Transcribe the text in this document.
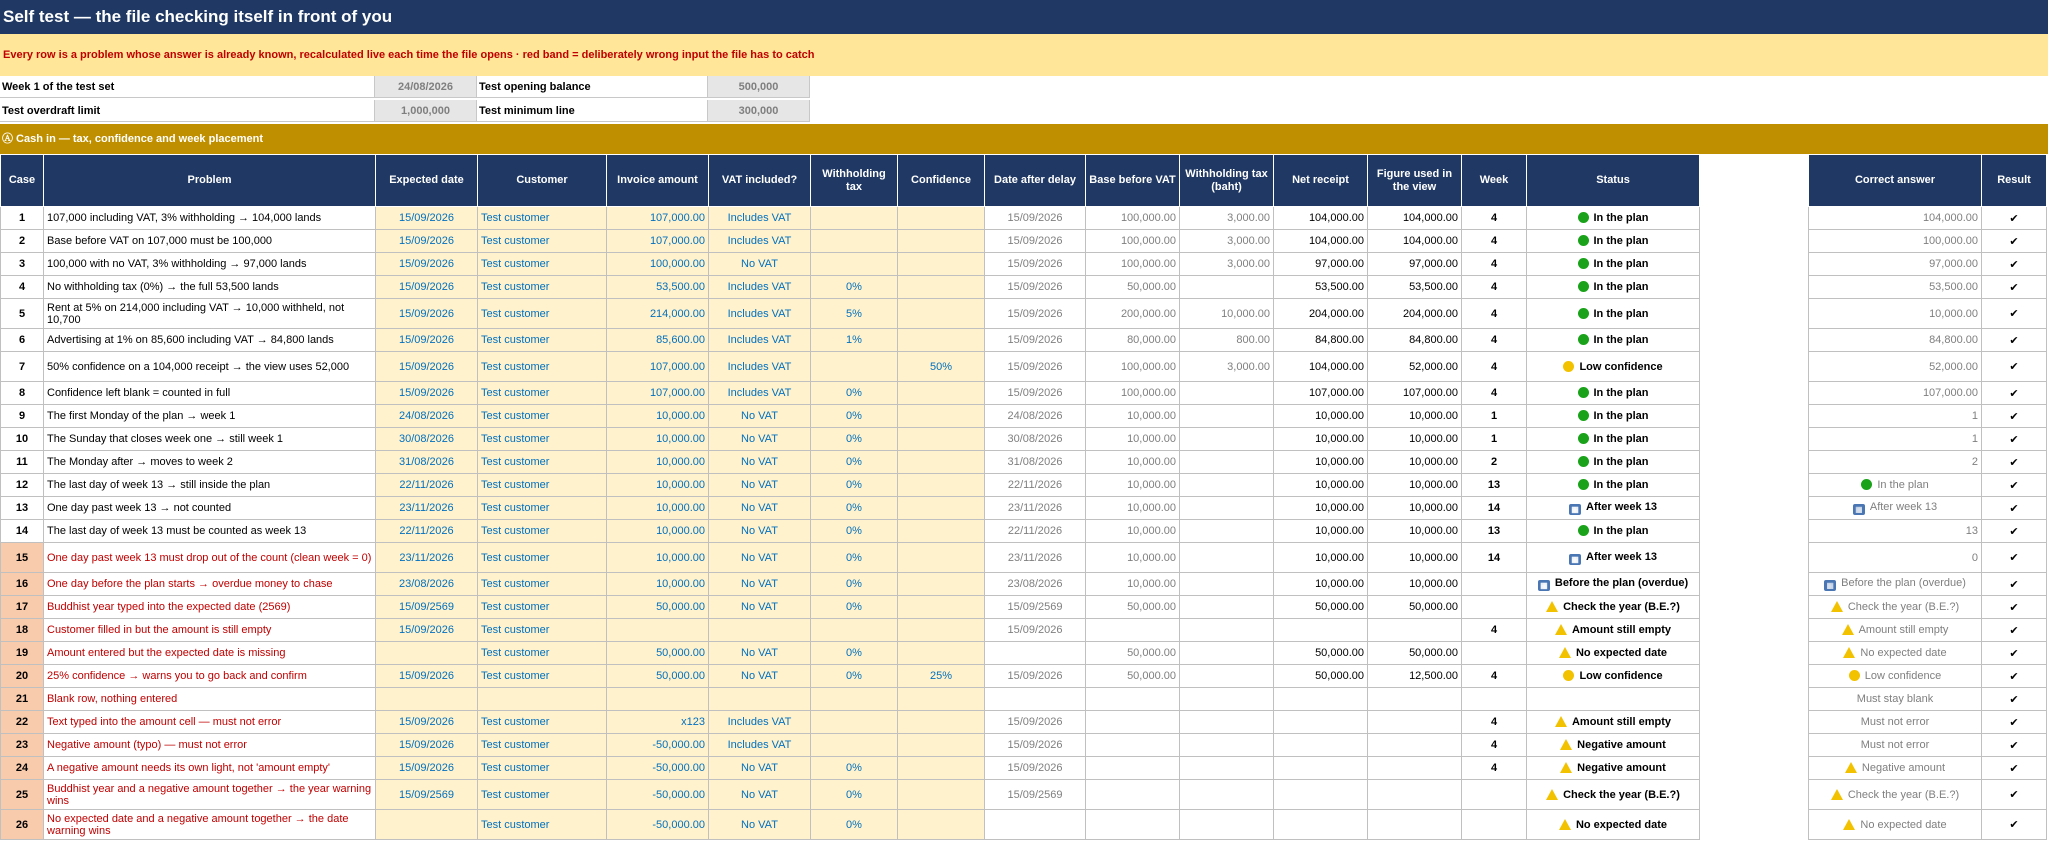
Self test — the file checking itself in front of you
Every row is a problem whose answer is already known, recalculated live each time the file opens · red band = deliberately wrong input the file has to catch
Week 1 of the test set	24/08/2026	Test opening balance	500,000
Test overdraft limit	1,000,000	Test minimum line	300,000
Ⓐ Cash in — tax, confidence and week placement
Case	Problem	Expected date	Customer	Invoice amount	VAT included?	Withholding tax	Confidence	Date after delay	Base before VAT	Withholding tax (baht)	Net receipt	Figure used in the view	Week	Status		Correct answer	Result
1	107,000 including VAT, 3% withholding → 104,000 lands	15/09/2026	Test customer	107,000.00	Includes VAT			15/09/2026	100,000.00	3,000.00	104,000.00	104,000.00	4	In the plan		104,000.00	✔
2	Base before VAT on 107,000 must be 100,000	15/09/2026	Test customer	107,000.00	Includes VAT			15/09/2026	100,000.00	3,000.00	104,000.00	104,000.00	4	In the plan		100,000.00	✔
3	100,000 with no VAT, 3% withholding → 97,000 lands	15/09/2026	Test customer	100,000.00	No VAT			15/09/2026	100,000.00	3,000.00	97,000.00	97,000.00	4	In the plan		97,000.00	✔
4	No withholding tax (0%) → the full 53,500 lands	15/09/2026	Test customer	53,500.00	Includes VAT	0%		15/09/2026	50,000.00		53,500.00	53,500.00	4	In the plan		53,500.00	✔
5	Rent at 5% on 214,000 including VAT → 10,000 withheld, not 10,700	15/09/2026	Test customer	214,000.00	Includes VAT	5%		15/09/2026	200,000.00	10,000.00	204,000.00	204,000.00	4	In the plan		10,000.00	✔
6	Advertising at 1% on 85,600 including VAT → 84,800 lands	15/09/2026	Test customer	85,600.00	Includes VAT	1%		15/09/2026	80,000.00	800.00	84,800.00	84,800.00	4	In the plan		84,800.00	✔
7	50% confidence on a 104,000 receipt → the view uses 52,000	15/09/2026	Test customer	107,000.00	Includes VAT		50%	15/09/2026	100,000.00	3,000.00	104,000.00	52,000.00	4	Low confidence		52,000.00	✔
8	Confidence left blank = counted in full	15/09/2026	Test customer	107,000.00	Includes VAT	0%		15/09/2026	100,000.00		107,000.00	107,000.00	4	In the plan		107,000.00	✔
9	The first Monday of the plan → week 1	24/08/2026	Test customer	10,000.00	No VAT	0%		24/08/2026	10,000.00		10,000.00	10,000.00	1	In the plan		1	✔
10	The Sunday that closes week one → still week 1	30/08/2026	Test customer	10,000.00	No VAT	0%		30/08/2026	10,000.00		10,000.00	10,000.00	1	In the plan		1	✔
11	The Monday after → moves to week 2	31/08/2026	Test customer	10,000.00	No VAT	0%		31/08/2026	10,000.00		10,000.00	10,000.00	2	In the plan		2	✔
12	The last day of week 13 → still inside the plan	22/11/2026	Test customer	10,000.00	No VAT	0%		22/11/2026	10,000.00		10,000.00	10,000.00	13	In the plan		In the plan	✔
13	One day past week 13 → not counted	23/11/2026	Test customer	10,000.00	No VAT	0%		23/11/2026	10,000.00		10,000.00	10,000.00	14	▦ After week 13		▦ After week 13	✔
14	The last day of week 13 must be counted as week 13	22/11/2026	Test customer	10,000.00	No VAT	0%		22/11/2026	10,000.00		10,000.00	10,000.00	13	In the plan		13	✔
15	One day past week 13 must drop out of the count (clean week = 0)	23/11/2026	Test customer	10,000.00	No VAT	0%		23/11/2026	10,000.00		10,000.00	10,000.00	14	▦ After week 13		0	✔
16	One day before the plan starts → overdue money to chase	23/08/2026	Test customer	10,000.00	No VAT	0%		23/08/2026	10,000.00		10,000.00	10,000.00		▦ Before the plan (overdue)		▦ Before the plan (overdue)	✔
17	Buddhist year typed into the expected date (2569)	15/09/2569	Test customer	50,000.00	No VAT	0%		15/09/2569	50,000.00		50,000.00	50,000.00		Check the year (B.E.?)		Check the year (B.E.?)	✔
18	Customer filled in but the amount is still empty	15/09/2026	Test customer					15/09/2026					4	Amount still empty		Amount still empty	✔
19	Amount entered but the expected date is missing		Test customer	50,000.00	No VAT	0%			50,000.00		50,000.00	50,000.00		No expected date		No expected date	✔
20	25% confidence → warns you to go back and confirm	15/09/2026	Test customer	50,000.00	No VAT	0%	25%	15/09/2026	50,000.00		50,000.00	12,500.00	4	Low confidence		Low confidence	✔
21	Blank row, nothing entered															Must stay blank	✔
22	Text typed into the amount cell — must not error	15/09/2026	Test customer	x123	Includes VAT			15/09/2026					4	Amount still empty		Must not error	✔
23	Negative amount (typo) — must not error	15/09/2026	Test customer	-50,000.00	Includes VAT			15/09/2026					4	Negative amount		Must not error	✔
24	A negative amount needs its own light, not 'amount empty'	15/09/2026	Test customer	-50,000.00	No VAT	0%		15/09/2026					4	Negative amount		Negative amount	✔
25	Buddhist year and a negative amount together → the year warning wins	15/09/2569	Test customer	-50,000.00	No VAT	0%		15/09/2569						Check the year (B.E.?)		Check the year (B.E.?)	✔
26	No expected date and a negative amount together → the date warning wins		Test customer	-50,000.00	No VAT	0%								No expected date		No expected date	✔
